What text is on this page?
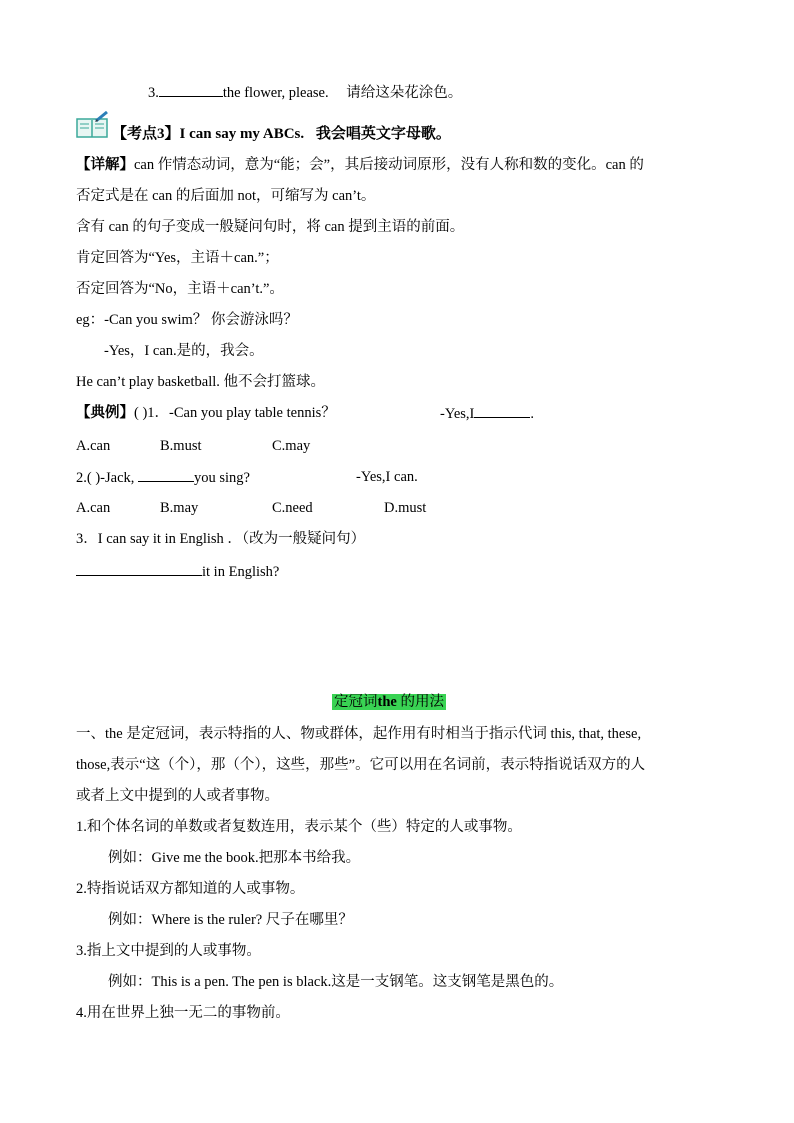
3.	the flower, please. 请给这朵花涂色。
【考点3】I can say my ABCs. 我会唱英文字母歌。
【详解】can 作情态动词，意为“能；会”，其后接动词原形，没有人称和数的变化。can 的
否定式是在 can 的后面加 not，可缩写为 can’t。
含有 can 的句子变成一般疑问句时，将 can 提到主语的前面。
肯定回答为“Yes，主语＋can.”；
否定回答为“No，主语＋can’t.”。
eg：-Can you swim？ 你会游泳吗？
-Yes，I can.是的，我会。
He can’t play basketball. 他不会打篮球。
【典例】( )1．-Can you play table tennis？	-Yes,I	.
A.can	B.must	C.may
2.( )-Jack,	you sing?	-Yes,I can.
A.can	B.may	C.need	D.must
3．I can say it in English ．（改为一般疑问句）
it in English?
定冠词the 的用法
一、the 是定冠词，表示特指的人、物或群体，起作用有时相当于指示代词 this, that, these,
those,表示“这（个），那（个），这些，那些”。它可以用在名词前，表示特指说话双方的人
或者上文中提到的人或者事物。
1.和个体名词的单数或者复数连用，表示某个（些）特定的人或事物。
例如：Give me the book.把那本书给我。
2.特指说话双方都知道的人或事物。
例如：Where is the ruler? 尺子在哪里？
3.指上文中提到的人或事物。
例如：This is a pen. The pen is black.这是一支钢笔。这支钢笔是黑色的。
4.用在世界上独一无二的事物前。
